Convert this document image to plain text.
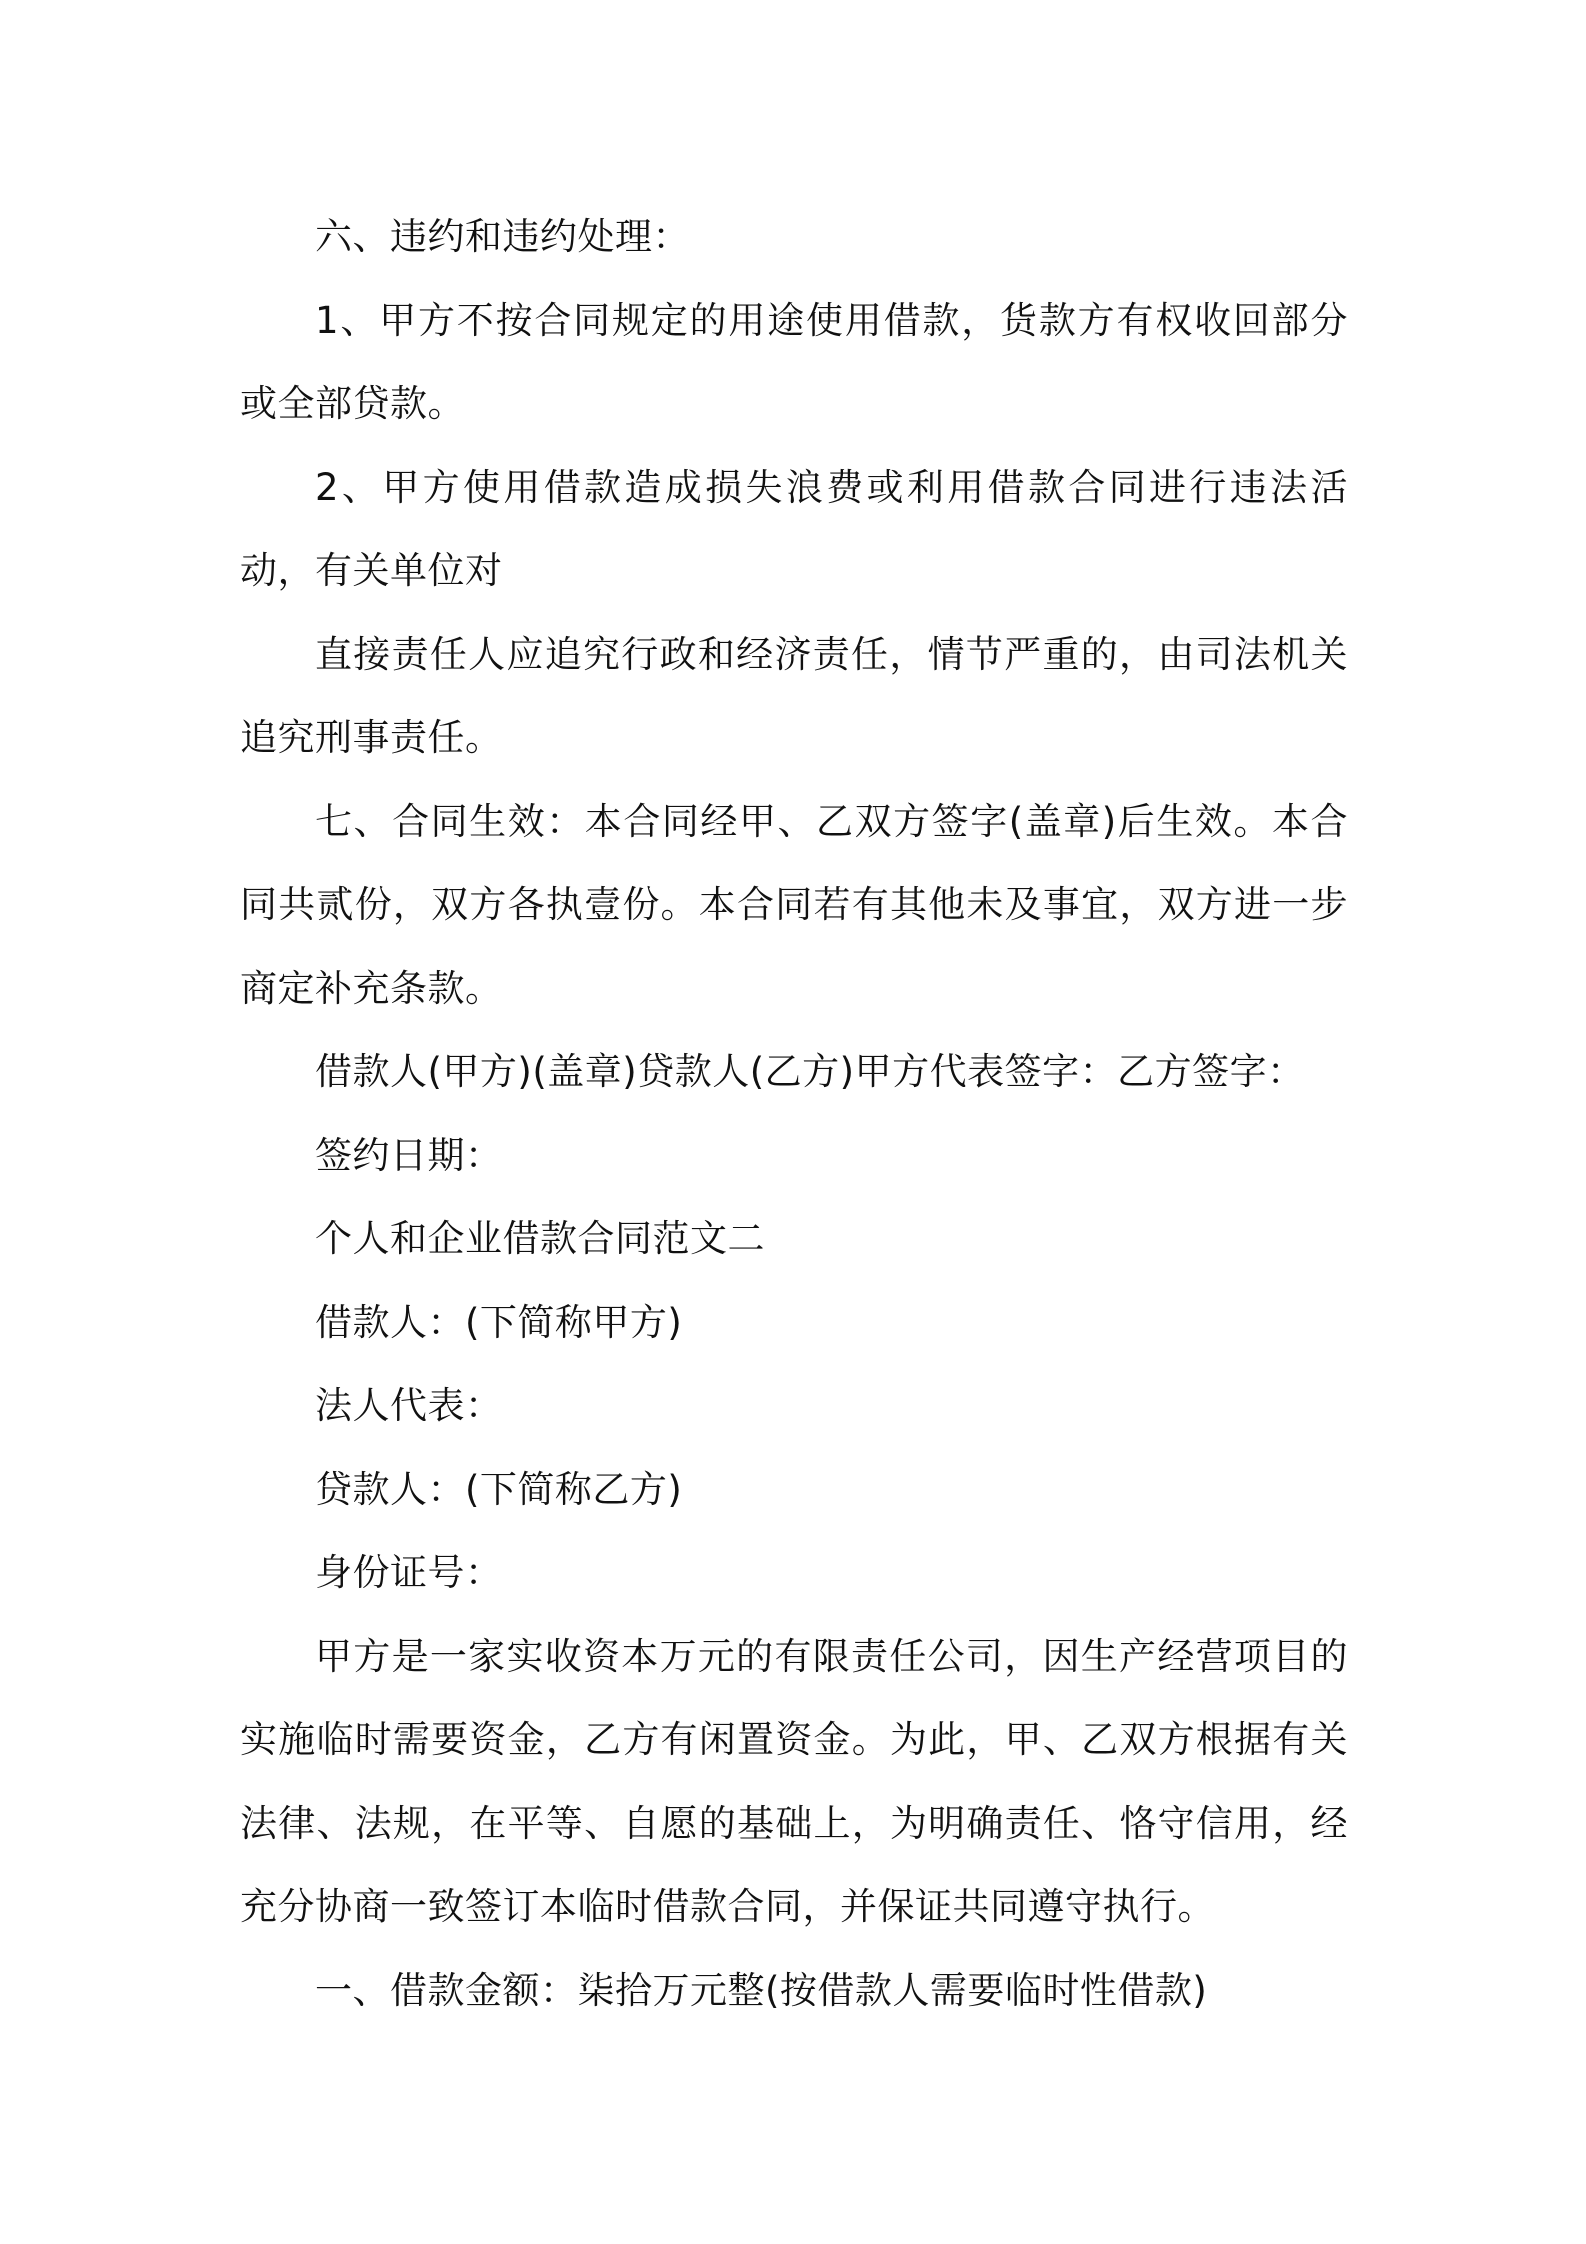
六、违约和违约处理：

1、甲方不按合同规定的用途使用借款，货款方有权收回部分或全部贷款。

2、甲方使用借款造成损失浪费或利用借款合同进行违法活动，有关单位对

直接责任人应追究行政和经济责任，情节严重的，由司法机关追究刑事责任。

七、合同生效：本合同经甲、乙双方签字(盖章)后生效。本合同共贰份，双方各执壹份。本合同若有其他未及事宜，双方进一步商定补充条款。

借款人(甲方)(盖章)贷款人(乙方)甲方代表签字：乙方签字：

签约日期：

个人和企业借款合同范文二

借款人：(下简称甲方)

法人代表：

贷款人：(下简称乙方)

身份证号：

甲方是一家实收资本万元的有限责任公司，因生产经营项目的实施临时需要资金，乙方有闲置资金。为此，甲、乙双方根据有关法律、法规，在平等、自愿的基础上，为明确责任、恪守信用，经充分协商一致签订本临时借款合同，并保证共同遵守执行。

一、借款金额：柒拾万元整(按借款人需要临时性借款)
